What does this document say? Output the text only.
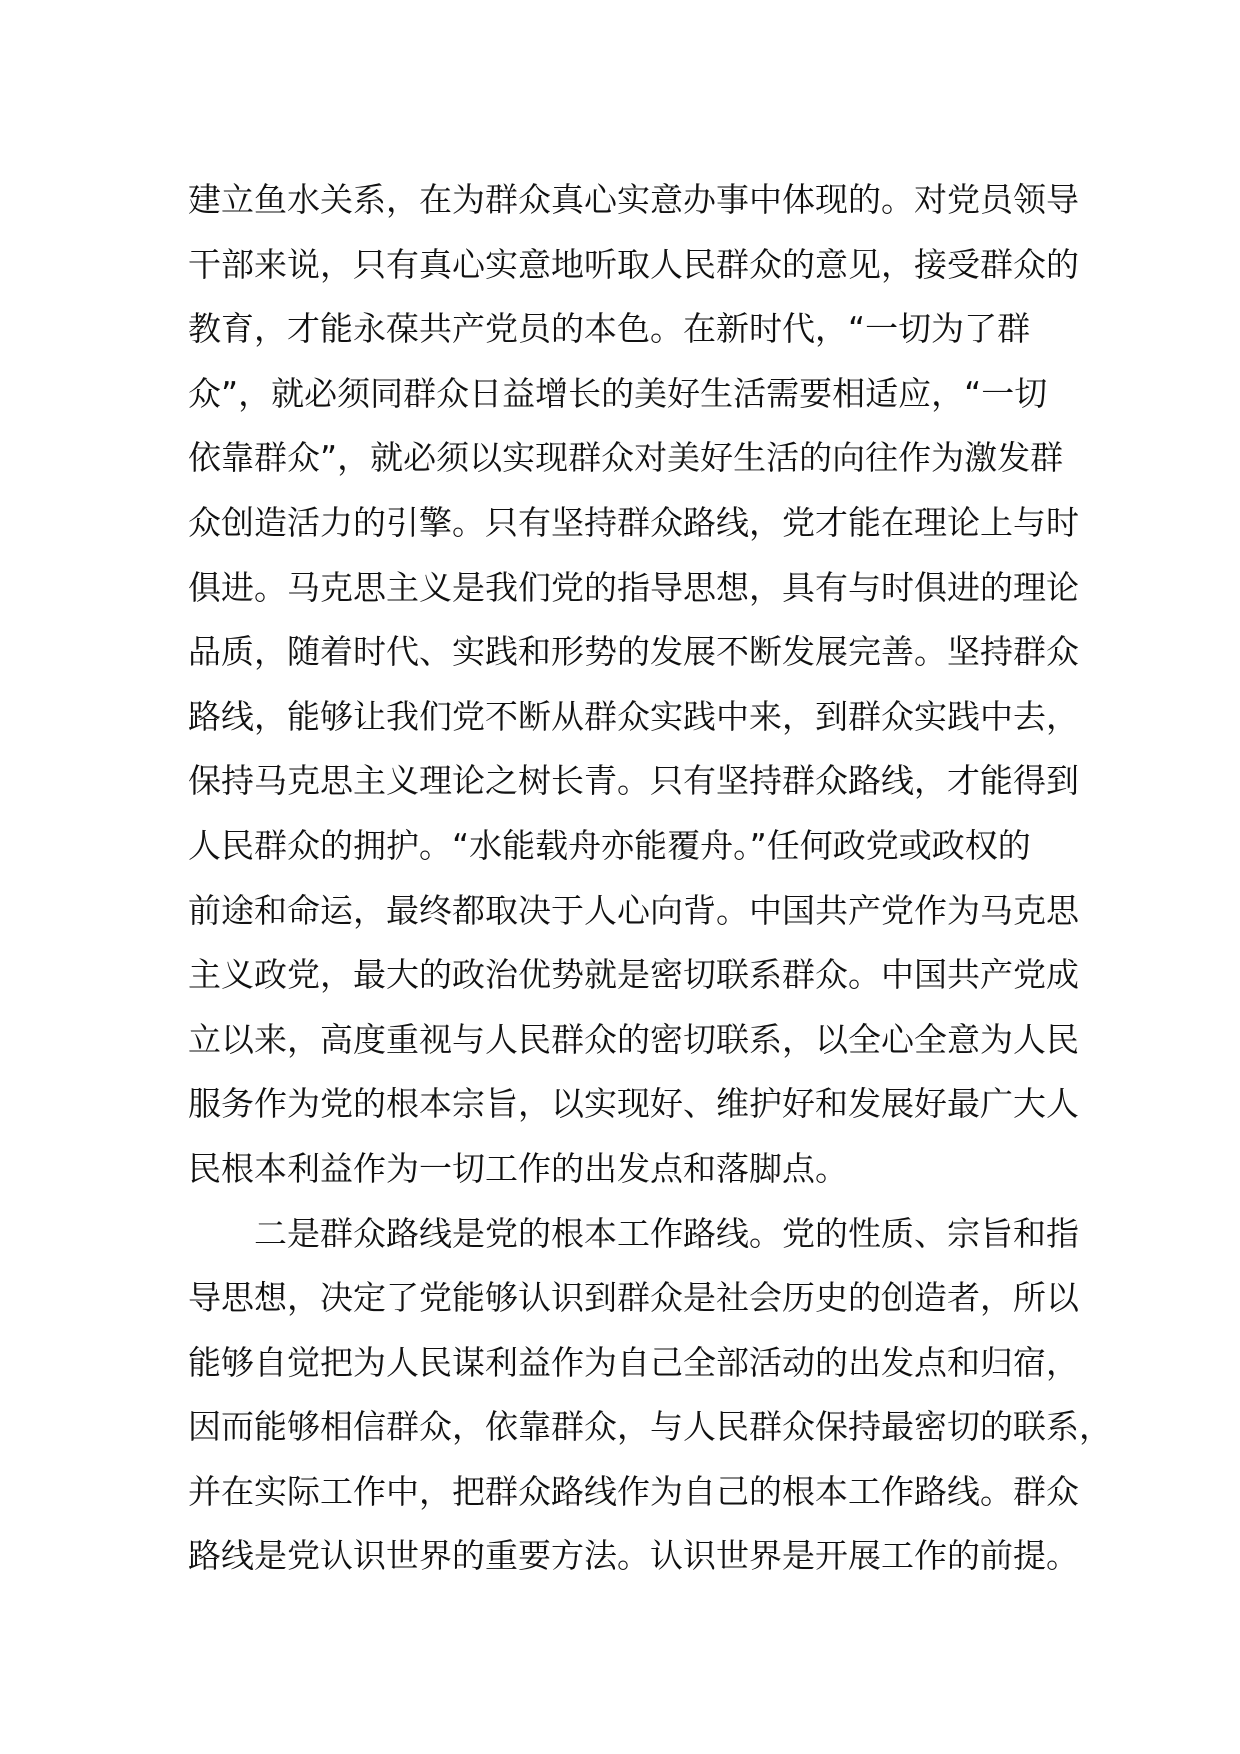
建立鱼水关系，在为群众真心实意办事中体现的。对党员领导
干部来说，只有真心实意地听取人民群众的意见，接受群众的
教育，才能永葆共产党员的本色。在新时代，“一切为了群
众”，就必须同群众日益增长的美好生活需要相适应，“一切
依靠群众”，就必须以实现群众对美好生活的向往作为激发群
众创造活力的引擎。只有坚持群众路线，党才能在理论上与时
俱进。马克思主义是我们党的指导思想，具有与时俱进的理论
品质，随着时代、实践和形势的发展不断发展完善。坚持群众
路线，能够让我们党不断从群众实践中来，到群众实践中去，
保持马克思主义理论之树长青。只有坚持群众路线，才能得到
人民群众的拥护。“水能载舟亦能覆舟。”任何政党或政权的
前途和命运，最终都取决于人心向背。中国共产党作为马克思
主义政党，最大的政治优势就是密切联系群众。中国共产党成
立以来，高度重视与人民群众的密切联系，以全心全意为人民
服务作为党的根本宗旨，以实现好、维护好和发展好最广大人
民根本利益作为一切工作的出发点和落脚点。
　　二是群众路线是党的根本工作路线。党的性质、宗旨和指
导思想，决定了党能够认识到群众是社会历史的创造者，所以
能够自觉把为人民谋利益作为自己全部活动的出发点和归宿，
因而能够相信群众，依靠群众，与人民群众保持最密切的联系，
并在实际工作中，把群众路线作为自己的根本工作路线。群众
路线是党认识世界的重要方法。认识世界是开展工作的前提。
